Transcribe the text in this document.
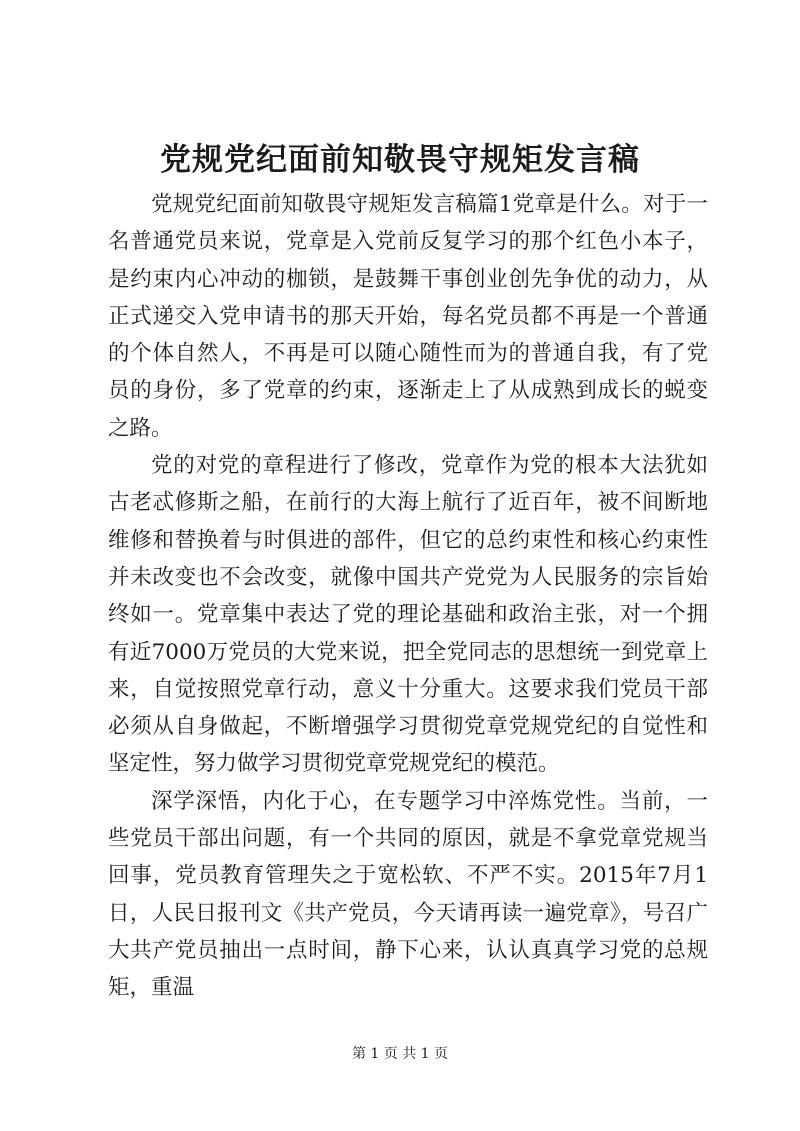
党规党纪面前知敬畏守规矩发言稿

党规党纪面前知敬畏守规矩发言稿篇1党章是什么。对于一名普通党员来说，党章是入党前反复学习的那个红色小本子，是约束内心冲动的枷锁，是鼓舞干事创业创先争优的动力，从正式递交入党申请书的那天开始，每名党员都不再是一个普通的个体自然人，不再是可以随心随性而为的普通自我，有了党员的身份，多了党章的约束，逐渐走上了从成熟到成长的蜕变之路。

党的对党的章程进行了修改，党章作为党的根本大法犹如古老忒修斯之船，在前行的大海上航行了近百年，被不间断地维修和替换着与时俱进的部件，但它的总约束性和核心约束性并未改变也不会改变，就像中国共产党党为人民服务的宗旨始终如一。党章集中表达了党的理论基础和政治主张，对一个拥有近7000万党员的大党来说，把全党同志的思想统一到党章上来，自觉按照党章行动，意义十分重大。这要求我们党员干部必须从自身做起，不断增强学习贯彻党章党规党纪的自觉性和坚定性，努力做学习贯彻党章党规党纪的模范。

深学深悟，内化于心，在专题学习中淬炼党性。当前，一些党员干部出问题，有一个共同的原因，就是不拿党章党规当回事，党员教育管理失之于宽松软、不严不实。2015年7月1日，人民日报刊文《共产党员，今天请再读一遍党章》，号召广大共产党员抽出一点时间，静下心来，认认真真学习党的总规矩，重温

第 1 页 共 1 页
